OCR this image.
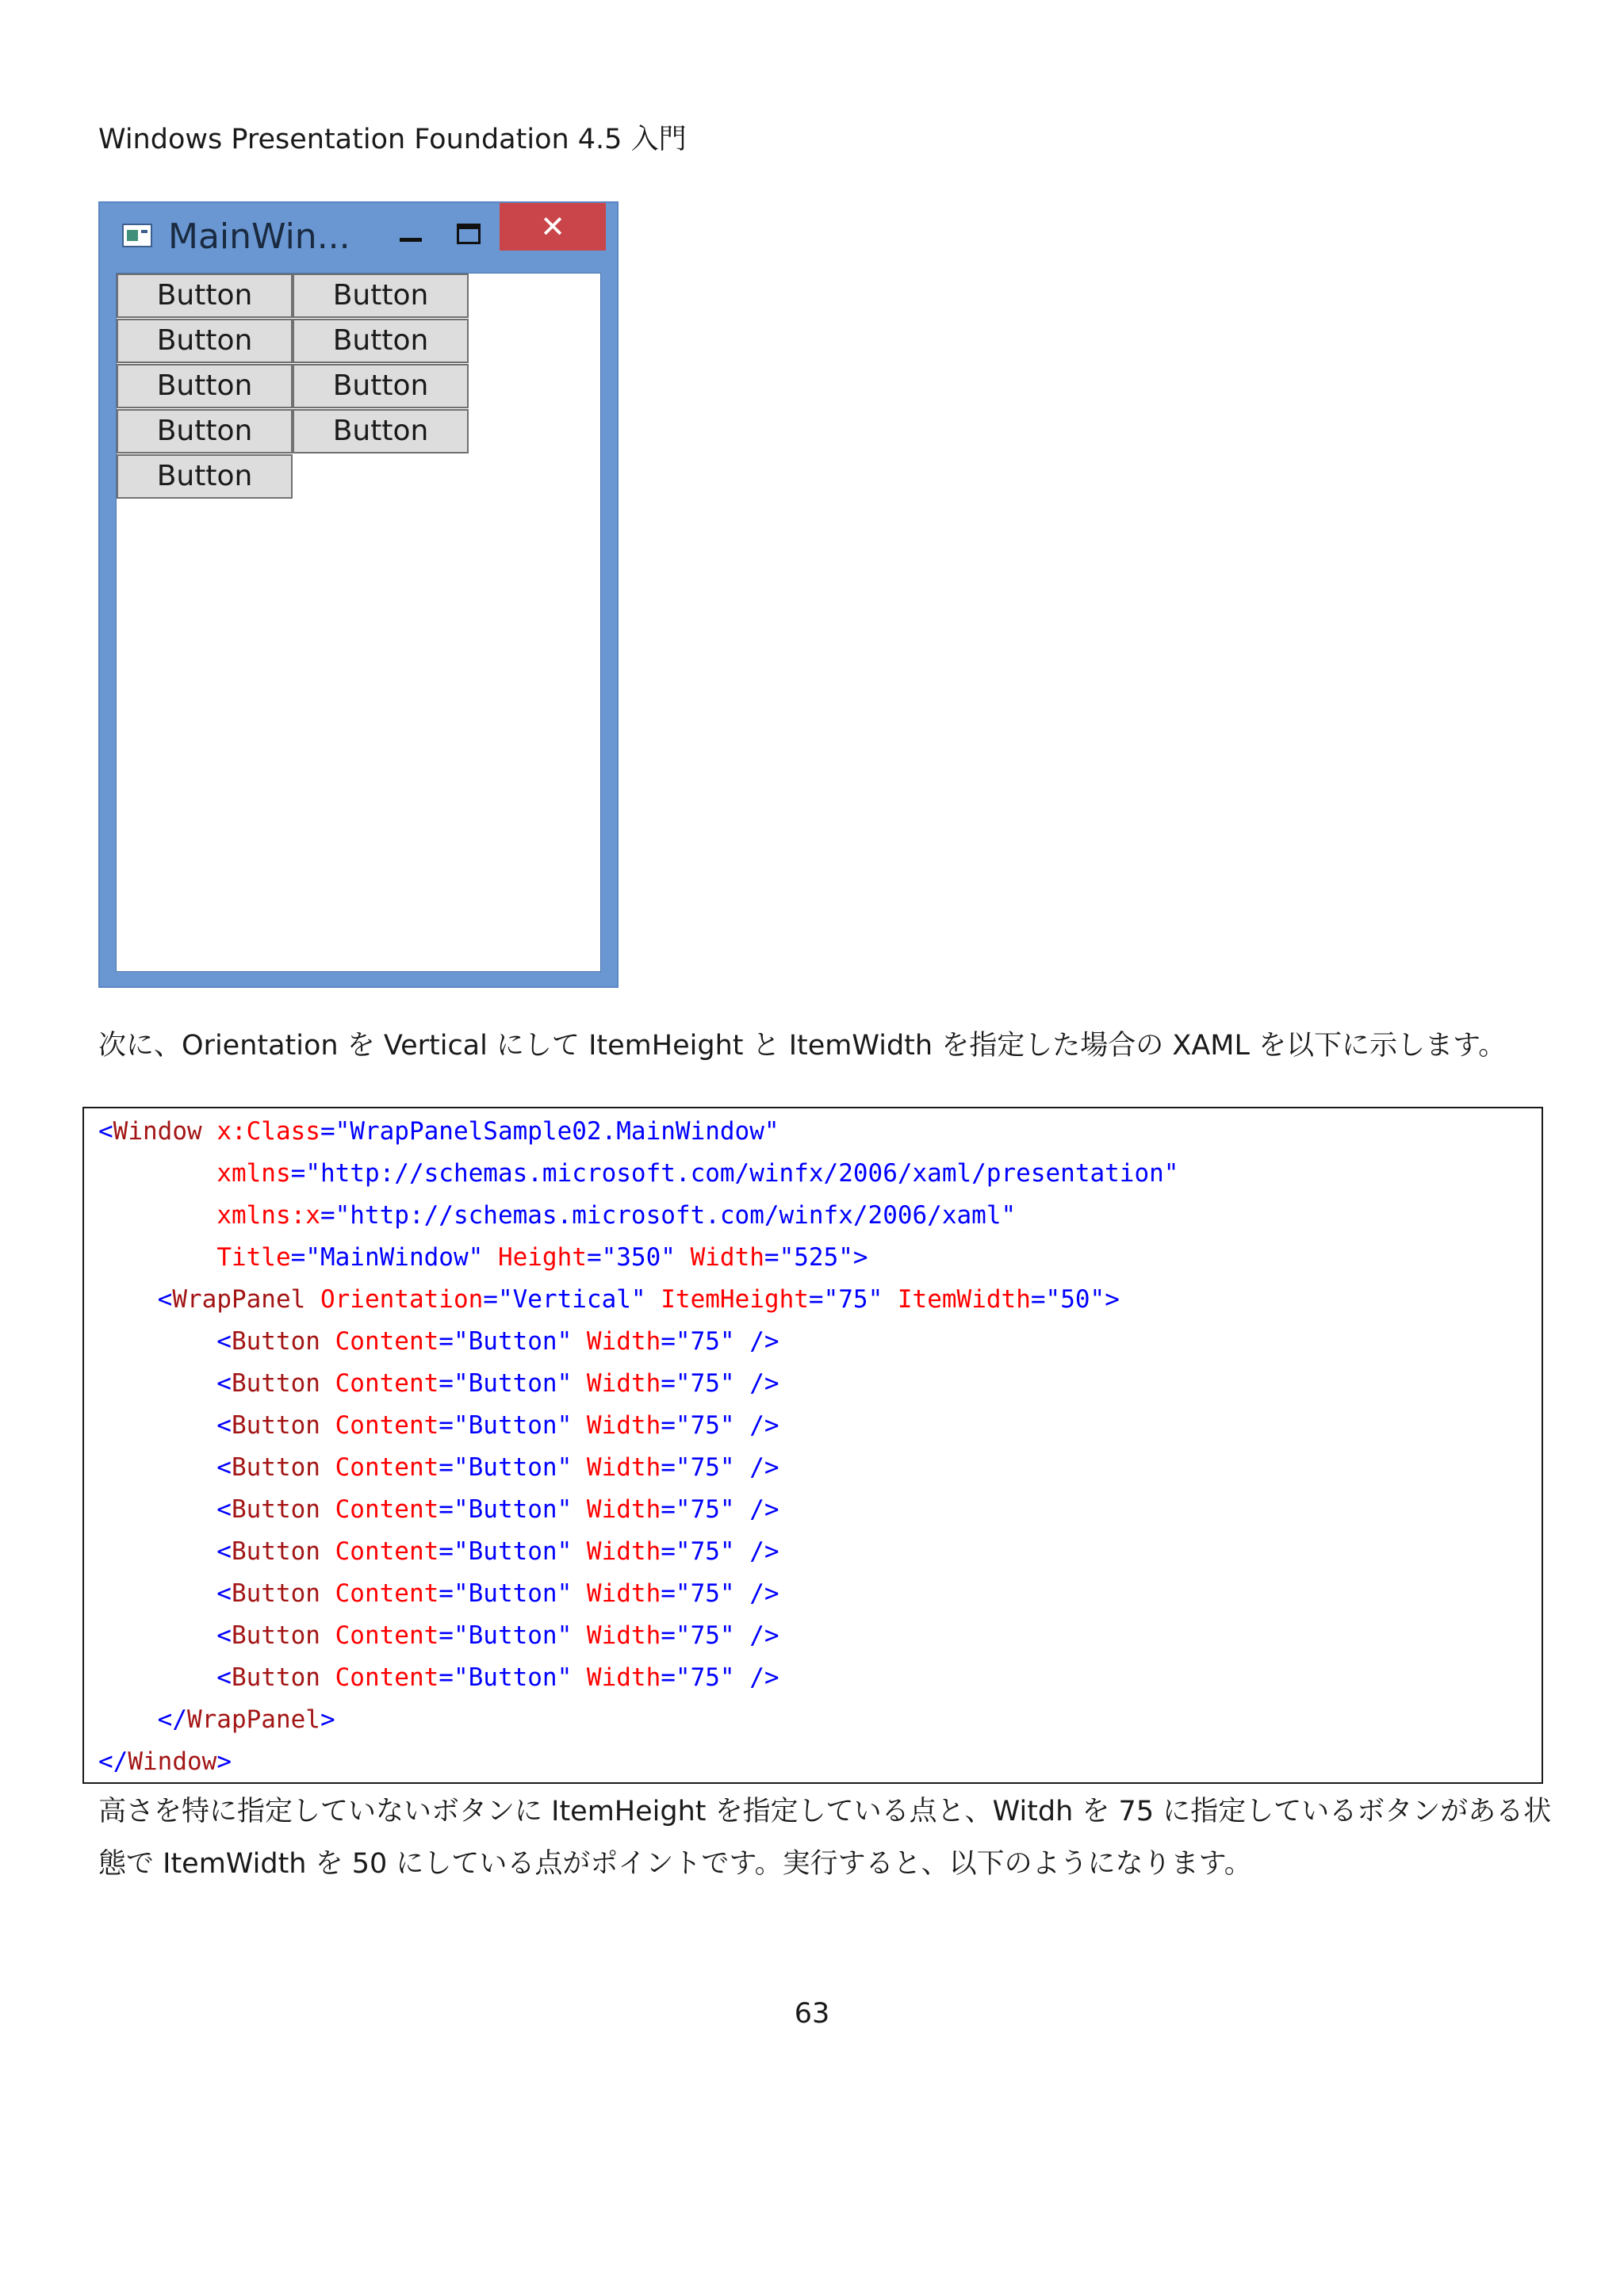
Windows Presentation Foundation 4.5 入門
MainWin...	✕
Button
Button
Button
Button
Button
Button
Button
Button
Button
次に、Orientation を Vertical にして ItemHeight と ItemWidth を指定した場合の XAML を以下に示します。
<Window x:Class="WrapPanelSample02.MainWindow"
xmlns="http://schemas.microsoft.com/winfx/2006/xaml/presentation"
xmlns:x="http://schemas.microsoft.com/winfx/2006/xaml"
Title="MainWindow" Height="350" Width="525">
<WrapPanel Orientation="Vertical" ItemHeight="75" ItemWidth="50">
<Button Content="Button" Width="75" />
<Button Content="Button" Width="75" />
<Button Content="Button" Width="75" />
<Button Content="Button" Width="75" />
<Button Content="Button" Width="75" />
<Button Content="Button" Width="75" />
<Button Content="Button" Width="75" />
<Button Content="Button" Width="75" />
<Button Content="Button" Width="75" />
</WrapPanel>
</Window>
高さを特に指定していないボタンに ItemHeight を指定している点と、Witdh を 75 に指定しているボタンがある状
態で ItemWidth を 50 にしている点がポイントです。実行すると、以下のようになります。
63
